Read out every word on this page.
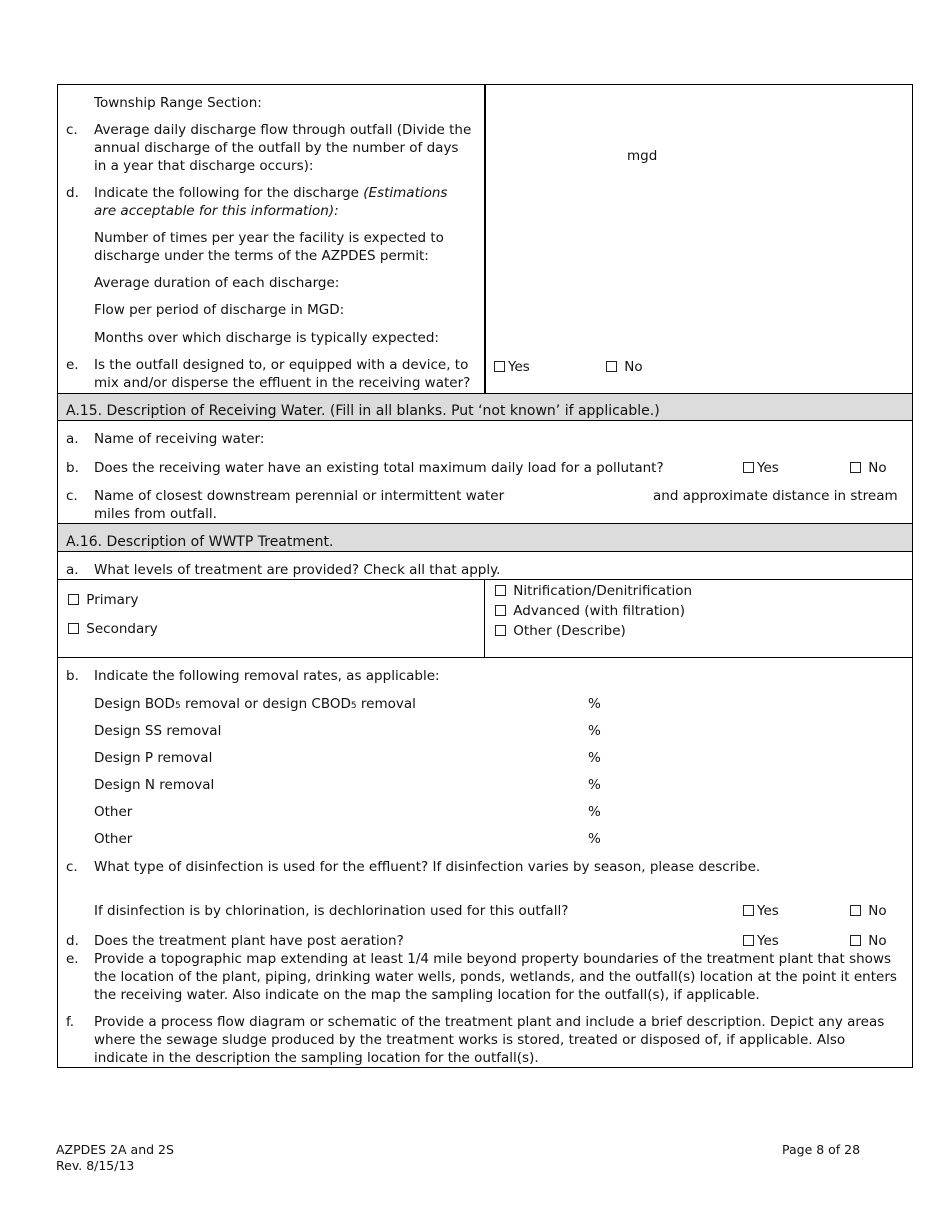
Township Range Section:
c. Average daily discharge flow through outfall (Divide the
annual discharge of the outfall by the number of days
in a year that discharge occurs):
mgd
d. Indicate the following for the discharge (Estimations
are acceptable for this information):
Number of times per year the facility is expected to
discharge under the terms of the AZPDES permit:
Average duration of each discharge:
Flow per period of discharge in MGD:
Months over which discharge is typically expected:
e. Is the outfall designed to, or equipped with a device, to
mix and/or disperse the effluent in the receiving water?
Yes	No
A.15. Description of Receiving Water. (Fill in all blanks. Put ‘not known’ if applicable.)
a. Name of receiving water:
b. Does the receiving water have an existing total maximum daily load for a pollutant?	Yes	No
c. Name of closest downstream perennial or intermittent water	and approximate distance in stream
miles from outfall.
A.16. Description of WWTP Treatment.
a. What levels of treatment are provided? Check all that apply.
Primary
Secondary
Nitrification/Denitrification
Advanced (with filtration)
Other (Describe)
b. Indicate the following removal rates, as applicable:
Design BOD5 removal or design CBOD5 removal	%
Design SS removal	%
Design P removal	%
Design N removal	%
Other	%
Other	%
c. What type of disinfection is used for the effluent? If disinfection varies by season, please describe.
If disinfection is by chlorination, is dechlorination used for this outfall?	Yes	No
d. Does the treatment plant have post aeration?	Yes	No
e. Provide a topographic map extending at least 1/4 mile beyond property boundaries of the treatment plant that shows
the location of the plant, piping, drinking water wells, ponds, wetlands, and the outfall(s) location at the point it enters
the receiving water. Also indicate on the map the sampling location for the outfall(s), if applicable.
f. Provide a process flow diagram or schematic of the treatment plant and include a brief description. Depict any areas
where the sewage sludge produced by the treatment works is stored, treated or disposed of, if applicable. Also
indicate in the description the sampling location for the outfall(s).
AZPDES 2A and 2S
Rev. 8/15/13
Page 8 of 28
